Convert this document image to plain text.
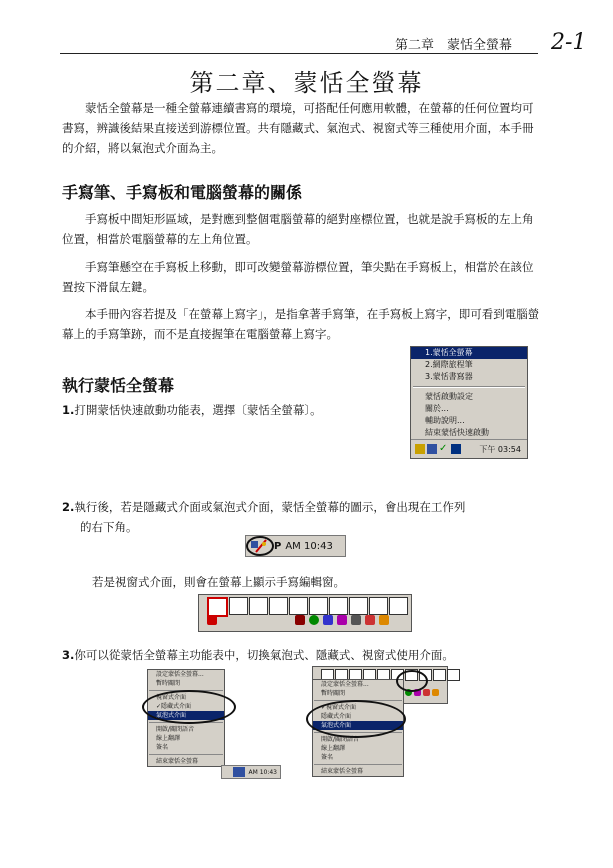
第二章　蒙恬全螢幕 2-1
第二章、蒙恬全螢幕
蒙恬全螢幕是一種全螢幕連續書寫的環境，可搭配任何應用軟體，在螢幕的任何位置均可書寫，辨識後結果直接送到游標位置。共有隱藏式、氣泡式、視窗式等三種使用介面，本手冊的介紹，將以氣泡式介面為主。
手寫筆、手寫板和電腦螢幕的關係
手寫板中間矩形區域，是對應到整個電腦螢幕的絕對座標位置，也就是說手寫板的左上角位置，相當於電腦螢幕的左上角位置。
手寫筆懸空在手寫板上移動，即可改變螢幕游標位置，筆尖點在手寫板上，相當於在該位置按下滑鼠左鍵。
本手冊內容若提及「在螢幕上寫字」，是指拿著手寫筆，在手寫板上寫字，即可看到電腦螢幕上的手寫筆跡，而不是直接握筆在電腦螢幕上寫字。
執行蒙恬全螢幕
1.打開蒙恬快速啟動功能表，選擇〔蒙恬全螢幕〕。
1.蒙恬全螢幕
2.網際旅程筆
3.蒙恬書寫器
蒙恬啟動設定
關於...
輔助說明...
結束蒙恬快速啟動
✓	下午 03:54
2.執行後，若是隱藏式介面或氣泡式介面，蒙恬全螢幕的圖示，會出現在工作列
的右下角。
P AM 10:43
若是視窗式介面，則會在螢幕上顯示手寫編輯窗。
3.你可以從蒙恬全螢幕主功能表中，切換氣泡式、隱藏式、視窗式使用介面。
設定蒙恬全螢幕...
暫時關閉
視窗式介面
✓隱藏式介面
氣泡式介面
開啟/關閉語音
線上翻譯
簽名
結束蒙恬全螢幕
AM 10:43
設定蒙恬全螢幕...
暫時關閉
✓視窗式介面
隱藏式介面
氣泡式介面
開啟/關閉語音
線上翻譯
簽名
結束蒙恬全螢幕
